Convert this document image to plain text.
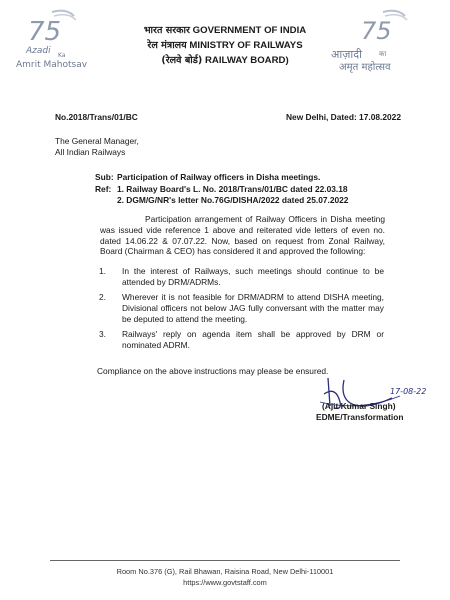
75
Azadi Ka
Amrit Mahotsav
75
आज़ादी का
अमृत महोत्सव
भारत सरकार GOVERNMENT OF INDIA
रेल मंत्रालय MINISTRY OF RAILWAYS
(रेलवे बोर्ड) RAILWAY BOARD)
No.2018/Trans/01/BC	New Delhi, Dated: 17.08.2022
The General Manager,
All Indian Railways
Sub: Participation of Railway officers in Disha meetings.
Ref: 1. Railway Board's L. No. 2018/Trans/01/BC dated 22.03.18
2. DGM/G/NR's letter No.76G/DISHA/2022 dated 25.07.2022
Participation arrangement of Railway Officers in Disha meeting was issued vide reference 1 above and reiterated vide letters of even no. dated 14.06.22 & 07.07.22. Now, based on request from Zonal Railway, Board (Chairman & CEO) has considered it and approved the following:
1. In the interest of Railways, such meetings should continue to be attended by DRM/ADRMs.
2. Wherever it is not feasible for DRM/ADRM to attend DISHA meeting, Divisional officers not below JAG fully conversant with the matter may be deputed to attend the meeting.
3. Railways' reply on agenda item shall be approved by DRM or nominated ADRM.
Compliance on the above instructions may please be ensured.
17-08-22
(Ajit Kumar Singh)
EDME/Transformation
Room No.376 (G), Rail Bhawan, Raisina Road, New Delhi-110001
https://www.govtstaff.com
